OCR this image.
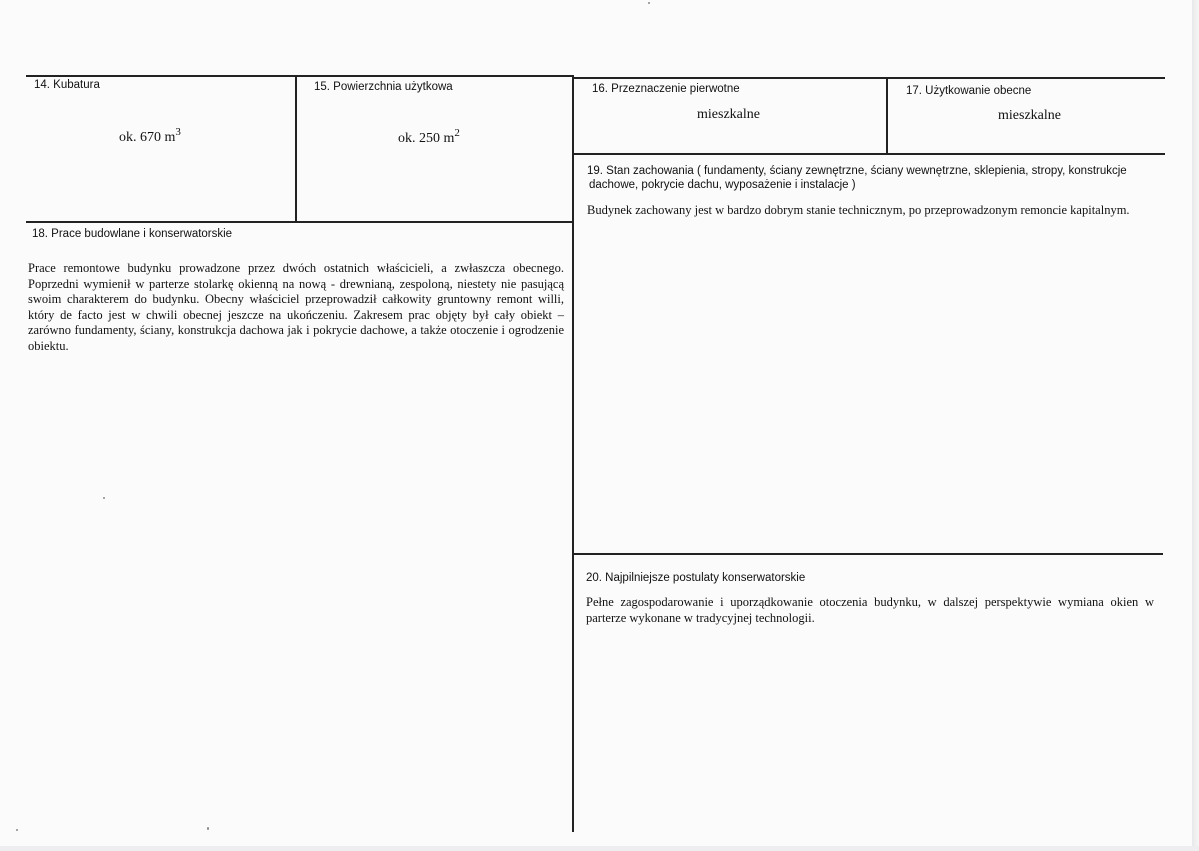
14. Kubatura
ok. 670 $m^3$
15. Powierzchnia użytkowa
ok. 250 $m^2$
16. Przeznaczenie pierwotne
mieszkalne
17. Użytkowanie obecne
mieszkalne
18. Prace budowlane i konserwatorskie
Prace remontowe budynku prowadzone przez dwóch ostatnich właścicieli, a zwłaszcza obecnego. Poprzedni wymienił w parterze stolarkę okienną na nową - drewnianą, zespoloną, niestety nie pasującą swoim charakterem do budynku. Obecny właściciel przeprowadził całkowity gruntowny remont willi, który de facto jest w chwili obecnej jeszcze na ukończeniu. Zakresem prac objęty był cały obiekt – zarówno fundamenty, ściany, konstrukcja dachowa jak i pokrycie dachowe, a także otoczenie i ogrodzenie obiektu.
19. Stan zachowania ( fundamenty, ściany zewnętrzne, ściany wewnętrzne, sklepienia, stropy, konstrukcje dachowe, pokrycie dachu, wyposażenie i instalacje )
Budynek zachowany jest w bardzo dobrym stanie technicznym, po przeprowadzonym remoncie kapitalnym.
20. Najpilniejsze postulaty konserwatorskie
Pełne zagospodarowanie i uporządkowanie otoczenia budynku, w dalszej perspektywie wymiana okien w parterze wykonane w tradycyjnej technologii.
